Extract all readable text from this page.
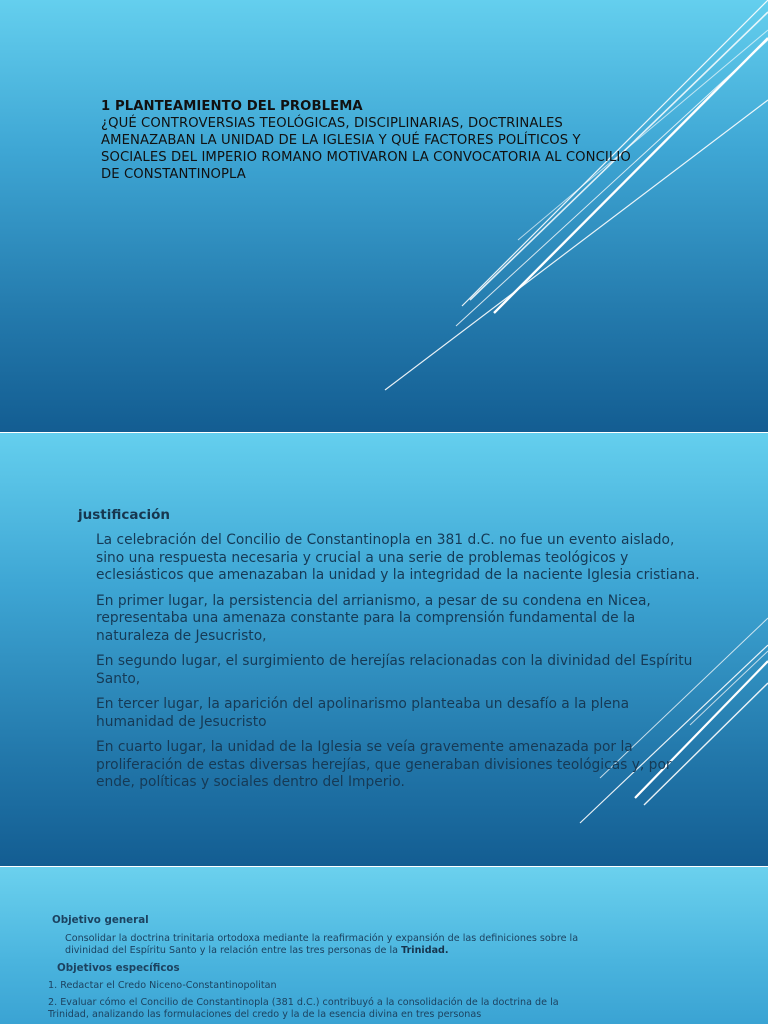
1 PLANTEAMIENTO DEL PROBLEMA
¿QUÉ CONTROVERSIAS TEOLÓGICAS, DISCIPLINARIAS, DOCTRINALES AMENAZABAN LA UNIDAD DE LA IGLESIA Y QUÉ FACTORES POLÍTICOS Y SOCIALES DEL IMPERIO ROMANO MOTIVARON LA CONVOCATORIA AL CONCILIO DE CONSTANTINOPLA
justificación
La celebración del Concilio de Constantinopla en 381 d.C. no fue un evento aislado, sino una respuesta necesaria y crucial a una serie de problemas teológicos y eclesiásticos que amenazaban la unidad y la integridad de la naciente Iglesia cristiana.
En primer lugar, la persistencia del arrianismo, a pesar de su condena en Nicea, representaba una amenaza constante para la comprensión fundamental de la naturaleza de Jesucristo,
En segundo lugar, el surgimiento de herejías relacionadas con la divinidad del Espíritu Santo,
En tercer lugar, la aparición del apolinarismo planteaba un desafío a la plena humanidad de Jesucristo
En cuarto lugar, la unidad de la Iglesia se veía gravemente amenazada por la proliferación de estas diversas herejías, que generaban divisiones teológicas y, por ende, políticas y sociales dentro del Imperio.
Objetivo general
Consolidar la doctrina trinitaria ortodoxa mediante la reafirmación y expansión de las definiciones sobre la divinidad del Espíritu Santo y la relación entre las tres personas de la Trinidad.
Objetivos específicos
1. Redactar el Credo Niceno-Constantinopolitan
2. Evaluar cómo el Concilio de Constantinopla (381 d.C.) contribuyó a la consolidación de la doctrina de la Trinidad, analizando las formulaciones del credo y la de la esencia divina en tres personas
